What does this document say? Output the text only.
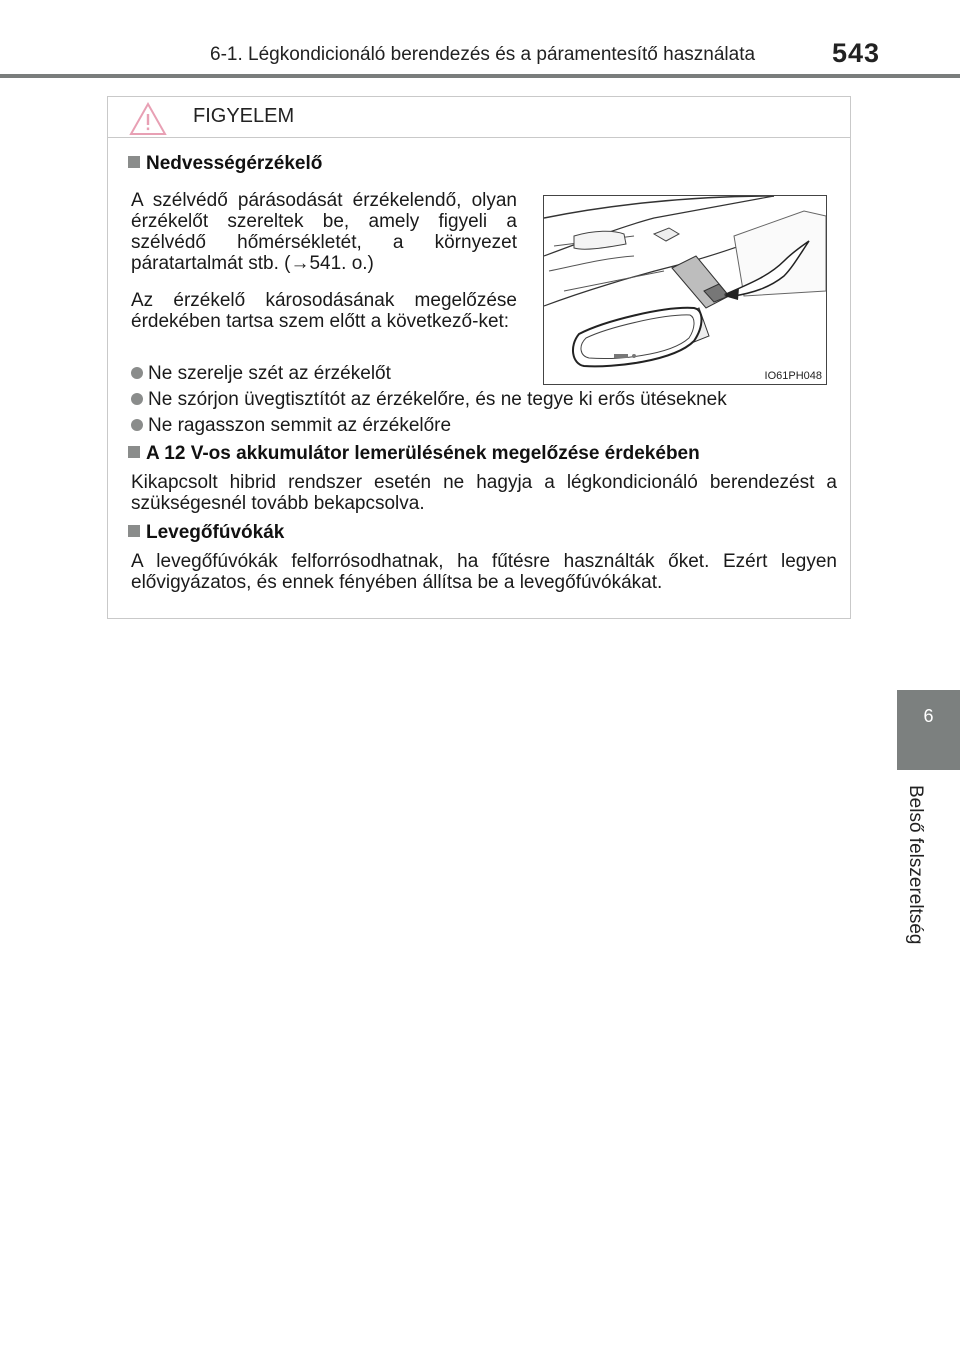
6-1. Légkondicionáló berendezés és a páramentesítő használata	543
6
Belső felszereltség
FIGYELEM
Nedvességérzékelő
A szélvédő párásodását érzékelendő, olyan érzékelőt szereltek be, amely figyeli a szélvédő hőmérsékletét, a környezet páratartalmát stb. (→541. o.)
Az érzékelő károsodásának megelőzése érdekében tartsa szem előtt a következő-ket:
Ne szerelje szét az érzékelőt
Ne szórjon üvegtisztítót az érzékelőre, és ne tegye ki erős ütéseknek
Ne ragasszon semmit az érzékelőre
IO61PH048
A 12 V-os akkumulátor lemerülésének megelőzése érdekében
Kikapcsolt hibrid rendszer esetén ne hagyja a légkondicionáló berendezést a szükségesnél tovább bekapcsolva.
Levegőfúvókák
A levegőfúvókák felforrósodhatnak, ha fűtésre használták őket. Ezért legyen elővigyázatos, és ennek fényében állítsa be a levegőfúvókákat.
